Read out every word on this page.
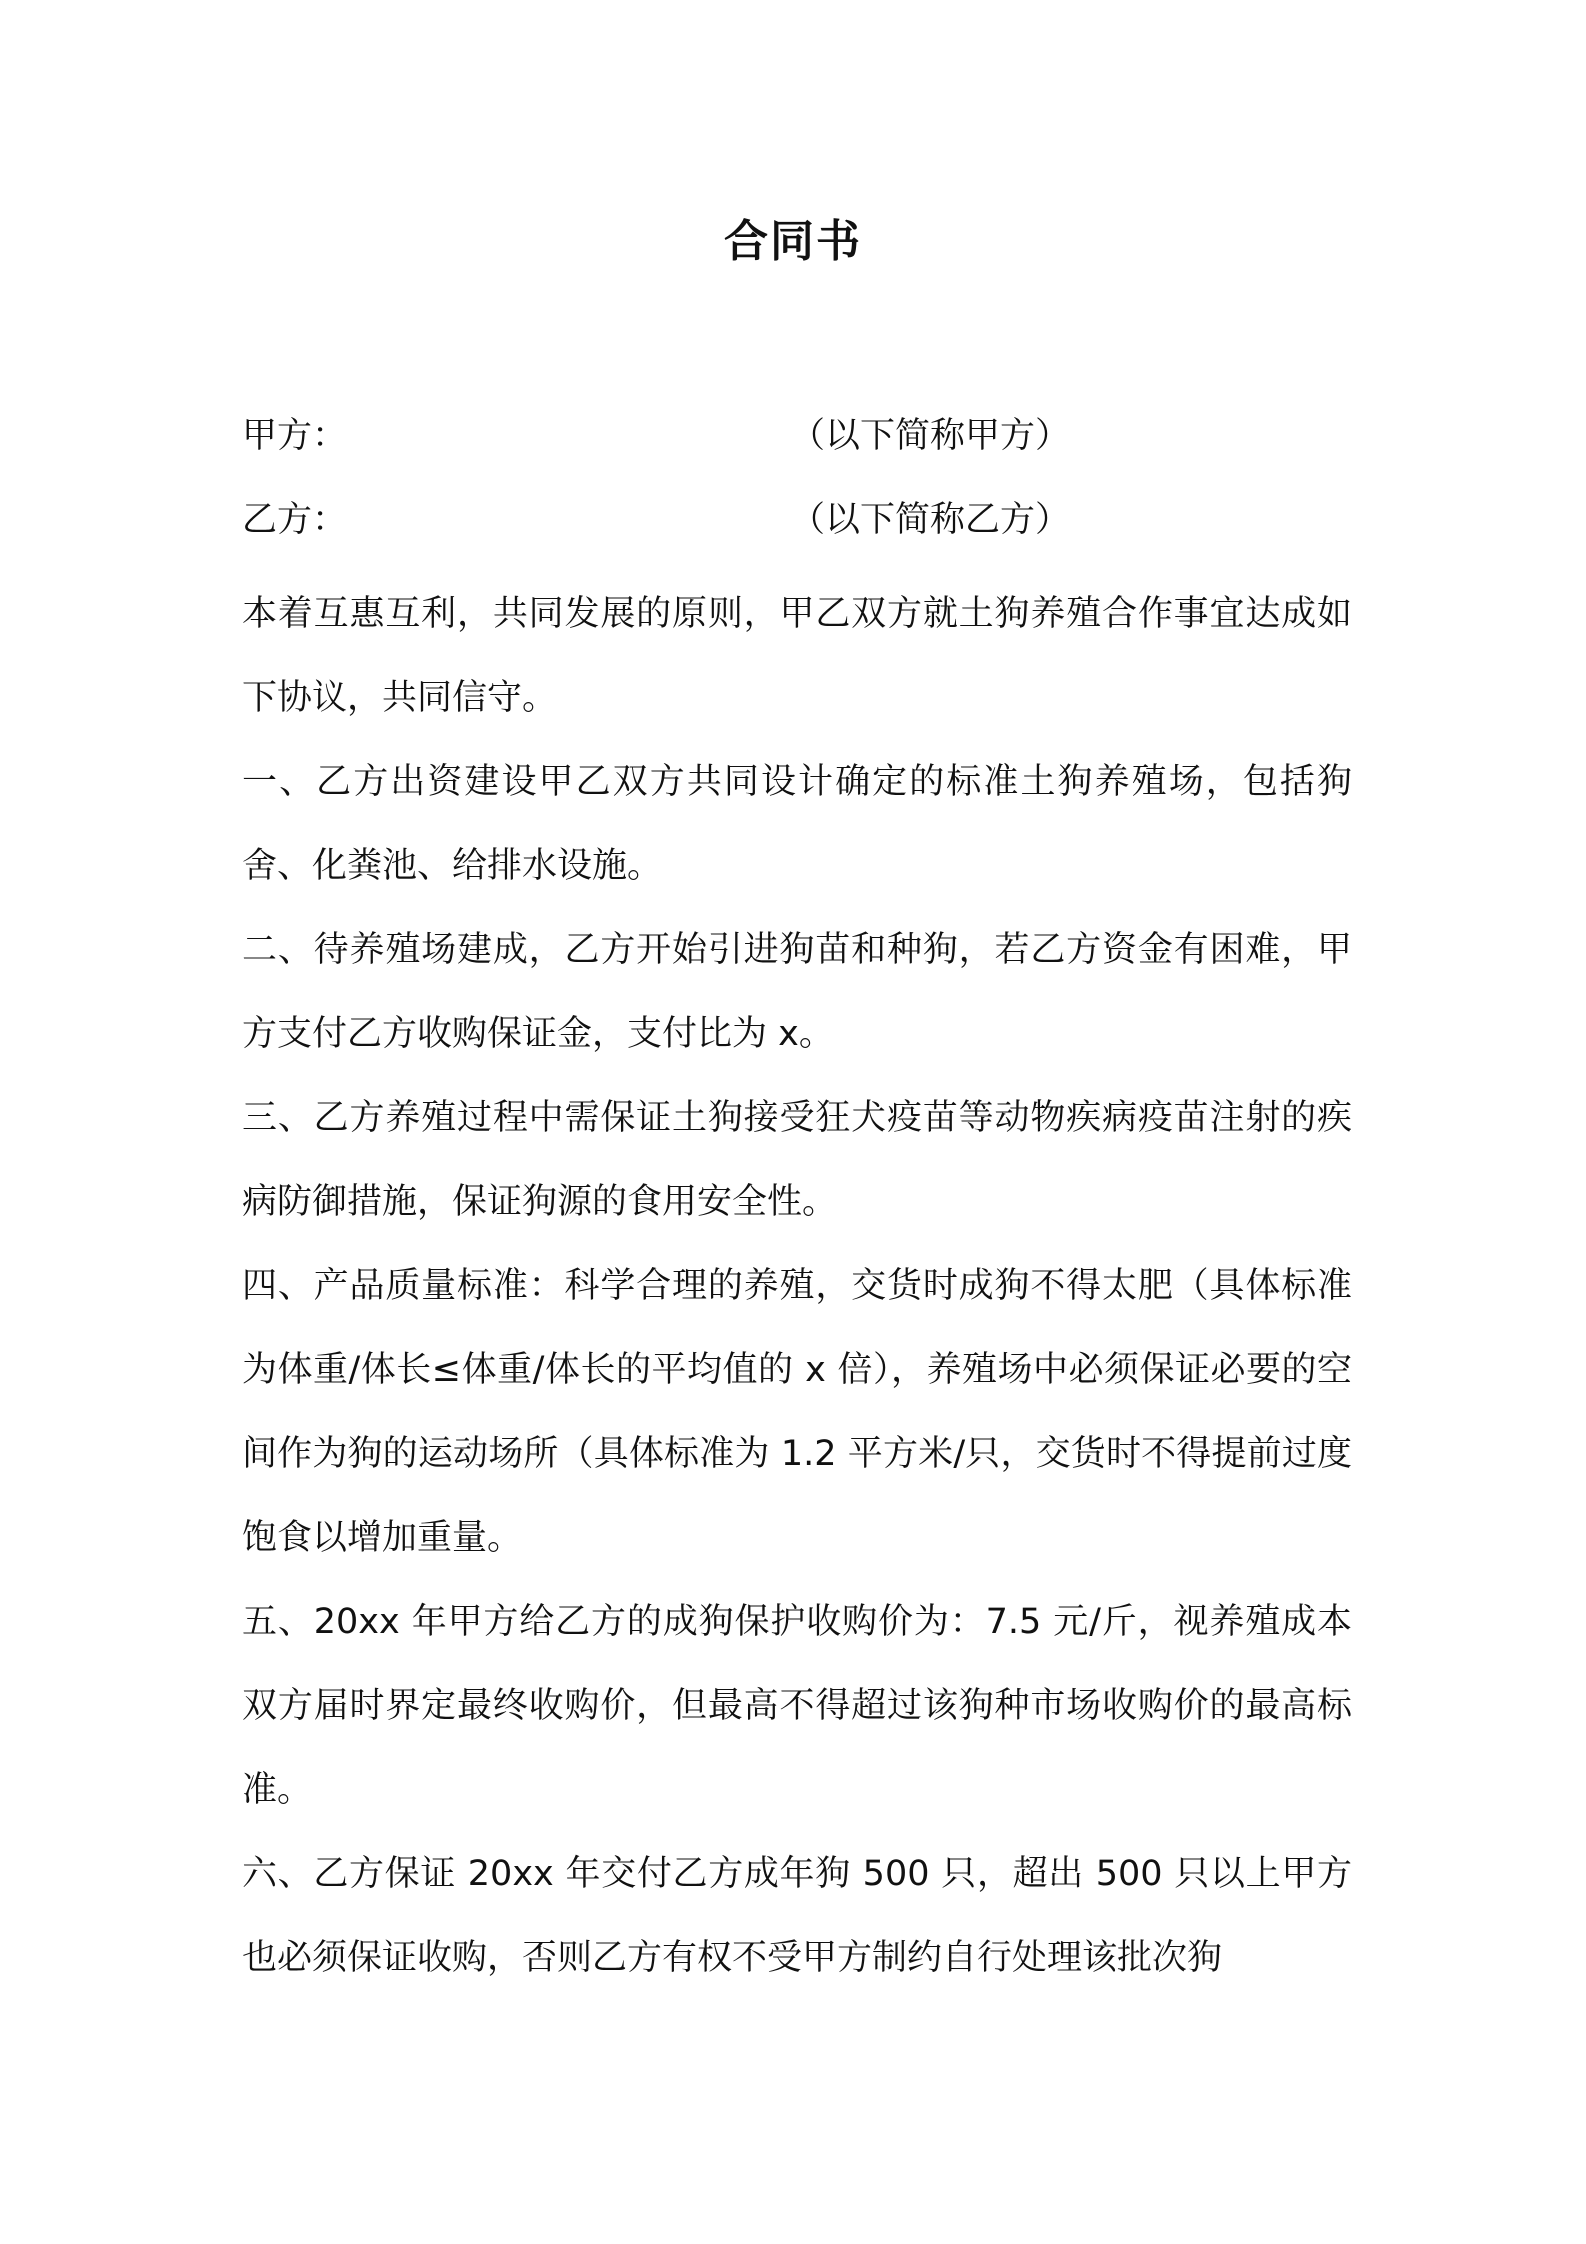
合同书
甲方：	（以下简称甲方）
乙方：	（以下简称乙方）

本着互惠互利，共同发展的原则，甲乙双方就土狗养殖合作事宜达成如下协议，共同信守。

一、乙方出资建设甲乙双方共同设计确定的标准土狗养殖场，包括狗舍、化粪池、给排水设施。

二、待养殖场建成，乙方开始引进狗苗和种狗，若乙方资金有困难，甲方支付乙方收购保证金，支付比为 x。

三、乙方养殖过程中需保证土狗接受狂犬疫苗等动物疾病疫苗注射的疾病防御措施，保证狗源的食用安全性。

四、产品质量标准：科学合理的养殖，交货时成狗不得太肥（具体标准为体重/体长≤体重/体长的平均值的 x 倍），养殖场中必须保证必要的空间作为狗的运动场所（具体标准为 1.2 平方米/只，交货时不得提前过度饱食以增加重量。

五、20xx 年甲方给乙方的成狗保护收购价为：7.5 元/斤，视养殖成本双方届时界定最终收购价，但最高不得超过该狗种市场收购价的最高标准。

六、乙方保证 20xx 年交付乙方成年狗 500 只，超出 500 只以上甲方也必须保证收购，否则乙方有权不受甲方制约自行处理该批次狗
